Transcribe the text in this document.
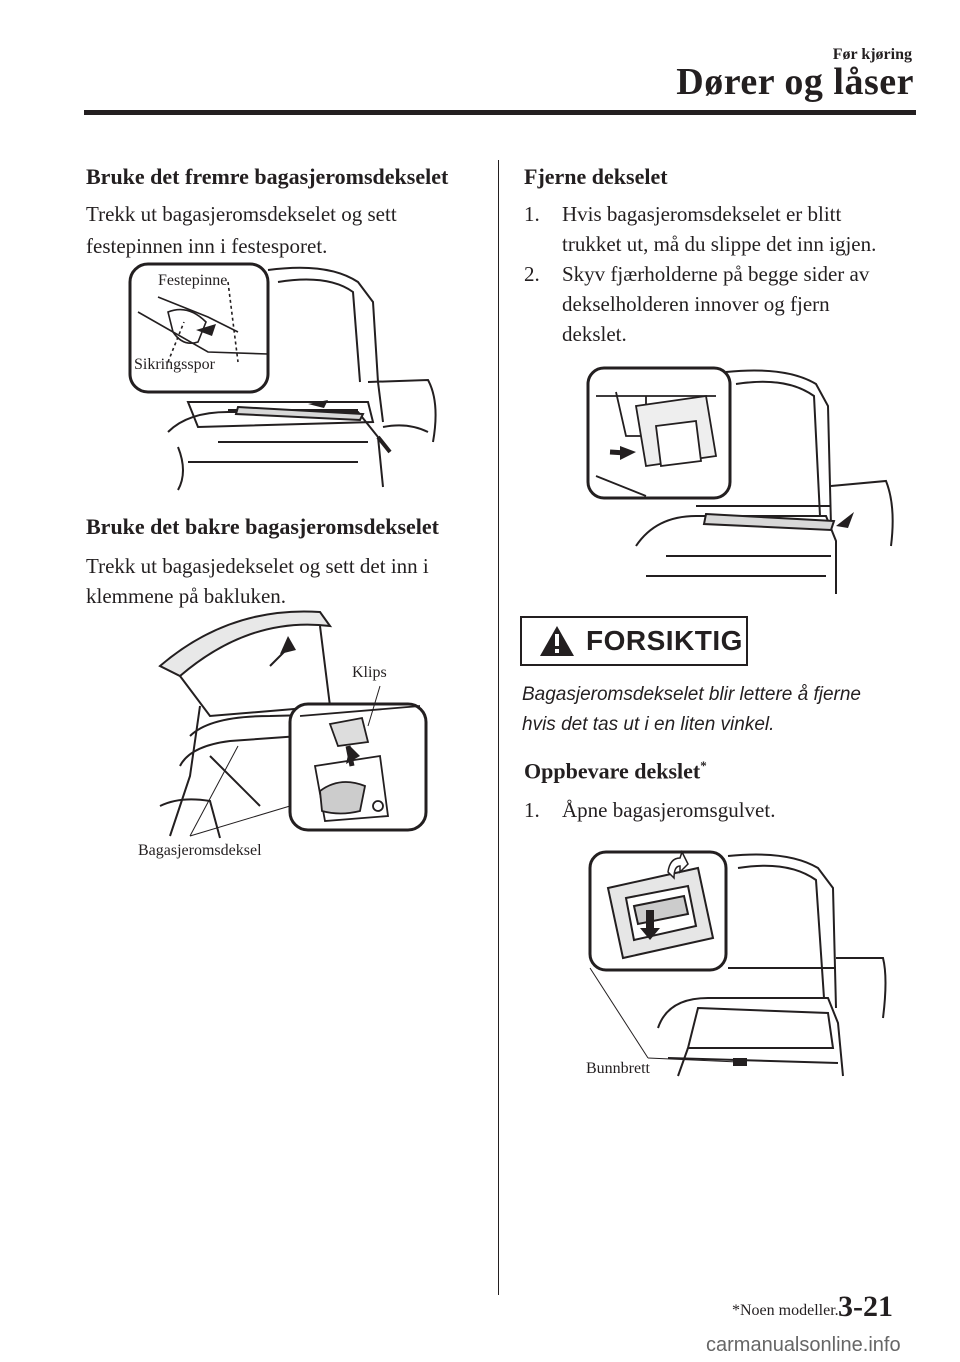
Før kjøring
Dører og låser
Bruke det fremre bagasjeromsdekselet
Trekk ut bagasjeromsdekselet og sett
festepinnen inn i festesporet.
Festepinne
Sikringsspor
Bruke det bakre bagasjeromsdekselet
Trekk ut bagasjedekselet og sett det inn i
klemmene på bakluken.
Klips
Bagasjeromsdeksel
Fjerne dekselet
1. Hvis bagasjeromsdekselet er blitt
trukket ut, må du slippe det inn igjen.
2. Skyv fjærholderne på begge sider av
dekselholderen innover og fjern
dekslet.
FORSIKTIG
Bagasjeromsdekselet blir lettere å fjerne
hvis det tas ut i en liten vinkel.
Oppbevare dekslet*
1. Åpne bagasjeromsgulvet.
Bunnbrett
*Noen modeller. 3-21
carmanualsonline.info
